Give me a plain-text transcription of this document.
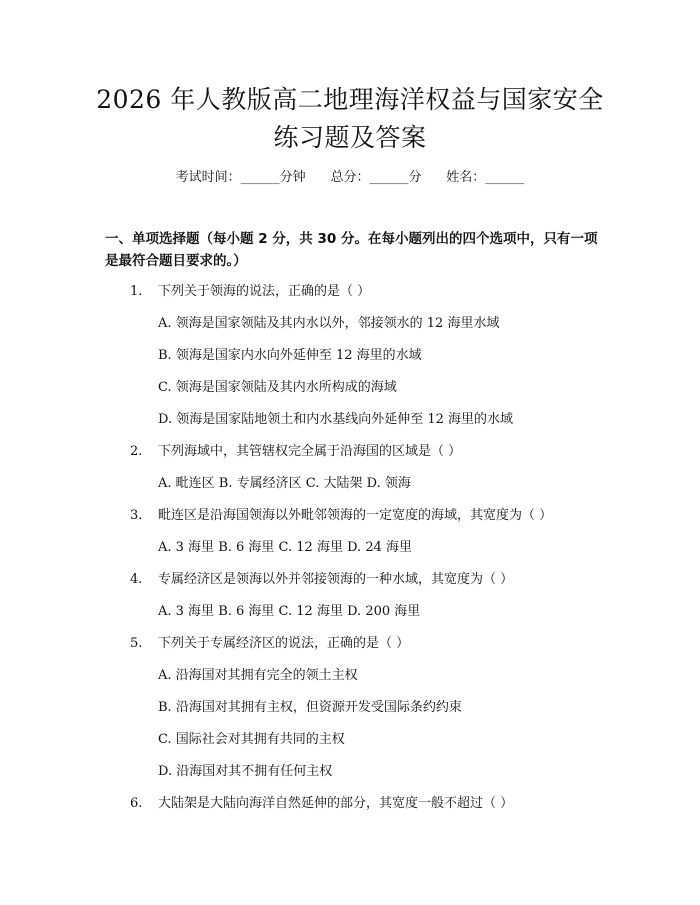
2026 年人教版高二地理海洋权益与国家安全
练习题及答案
考试时间：______分钟 总分：______分 姓名：______
一、单项选择题（每小题 2 分，共 30 分。在每小题列出的四个选项中，只有一项
是最符合题目要求的。）
1. 下列关于领海的说法，正确的是（ ）
A. 领海是国家领陆及其内水以外，邻接领水的 12 海里水域
B. 领海是国家内水向外延伸至 12 海里的水域
C. 领海是国家领陆及其内水所构成的海域
D. 领海是国家陆地领土和内水基线向外延伸至 12 海里的水域
2. 下列海域中，其管辖权完全属于沿海国的区域是（ ）
A. 毗连区 B. 专属经济区 C. 大陆架 D. 领海
3. 毗连区是沿海国领海以外毗邻领海的一定宽度的海域，其宽度为（ ）
A. 3 海里 B. 6 海里 C. 12 海里 D. 24 海里
4. 专属经济区是领海以外并邻接领海的一种水域，其宽度为（ ）
A. 3 海里 B. 6 海里 C. 12 海里 D. 200 海里
5. 下列关于专属经济区的说法，正确的是（ ）
A. 沿海国对其拥有完全的领土主权
B. 沿海国对其拥有主权，但资源开发受国际条约约束
C. 国际社会对其拥有共同的主权
D. 沿海国对其不拥有任何主权
6. 大陆架是大陆向海洋自然延伸的部分，其宽度一般不超过（ ）
